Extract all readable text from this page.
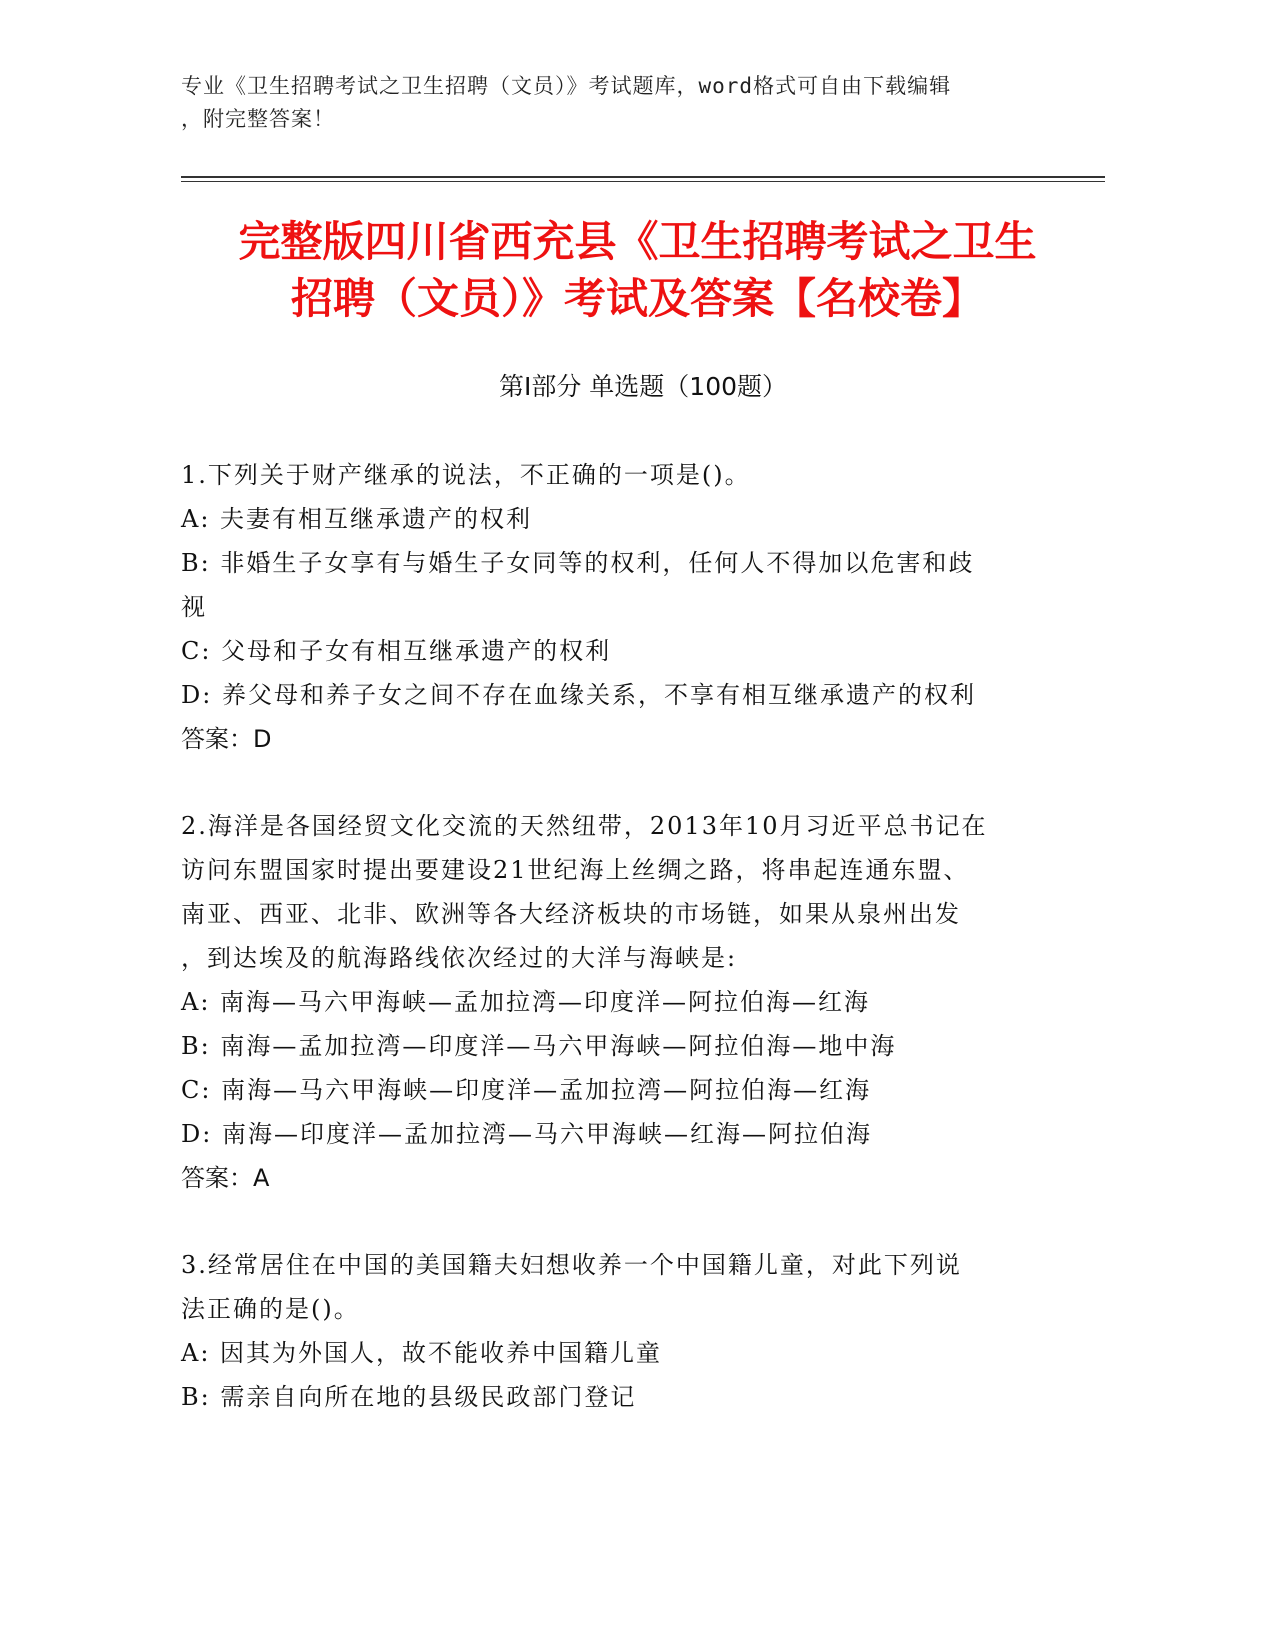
专业《卫生招聘考试之卫生招聘（文员）》考试题库，word格式可自由下载编辑
，附完整答案！
完整版四川省西充县《卫生招聘考试之卫生
招聘（文员）》考试及答案【名校卷】
第Ⅰ部分 单选题（100题）
1.下列关于财产继承的说法，不正确的一项是()。
A: 夫妻有相互继承遗产的权利
B: 非婚生子女享有与婚生子女同等的权利，任何人不得加以危害和歧
视
C: 父母和子女有相互继承遗产的权利
D: 养父母和养子女之间不存在血缘关系，不享有相互继承遗产的权利
答案：D
2.海洋是各国经贸文化交流的天然纽带，2013年10月习近平总书记在
访问东盟国家时提出要建设21世纪海上丝绸之路，将串起连通东盟、
南亚、西亚、北非、欧洲等各大经济板块的市场链，如果从泉州出发
，到达埃及的航海路线依次经过的大洋与海峡是:
A: 南海—马六甲海峡—孟加拉湾—印度洋—阿拉伯海—红海
B: 南海—孟加拉湾—印度洋—马六甲海峡—阿拉伯海—地中海
C: 南海—马六甲海峡—印度洋—孟加拉湾—阿拉伯海—红海
D: 南海—印度洋—孟加拉湾—马六甲海峡—红海—阿拉伯海
答案：A
3.经常居住在中国的美国籍夫妇想收养一个中国籍儿童，对此下列说
法正确的是()。
A: 因其为外国人，故不能收养中国籍儿童
B: 需亲自向所在地的县级民政部门登记
